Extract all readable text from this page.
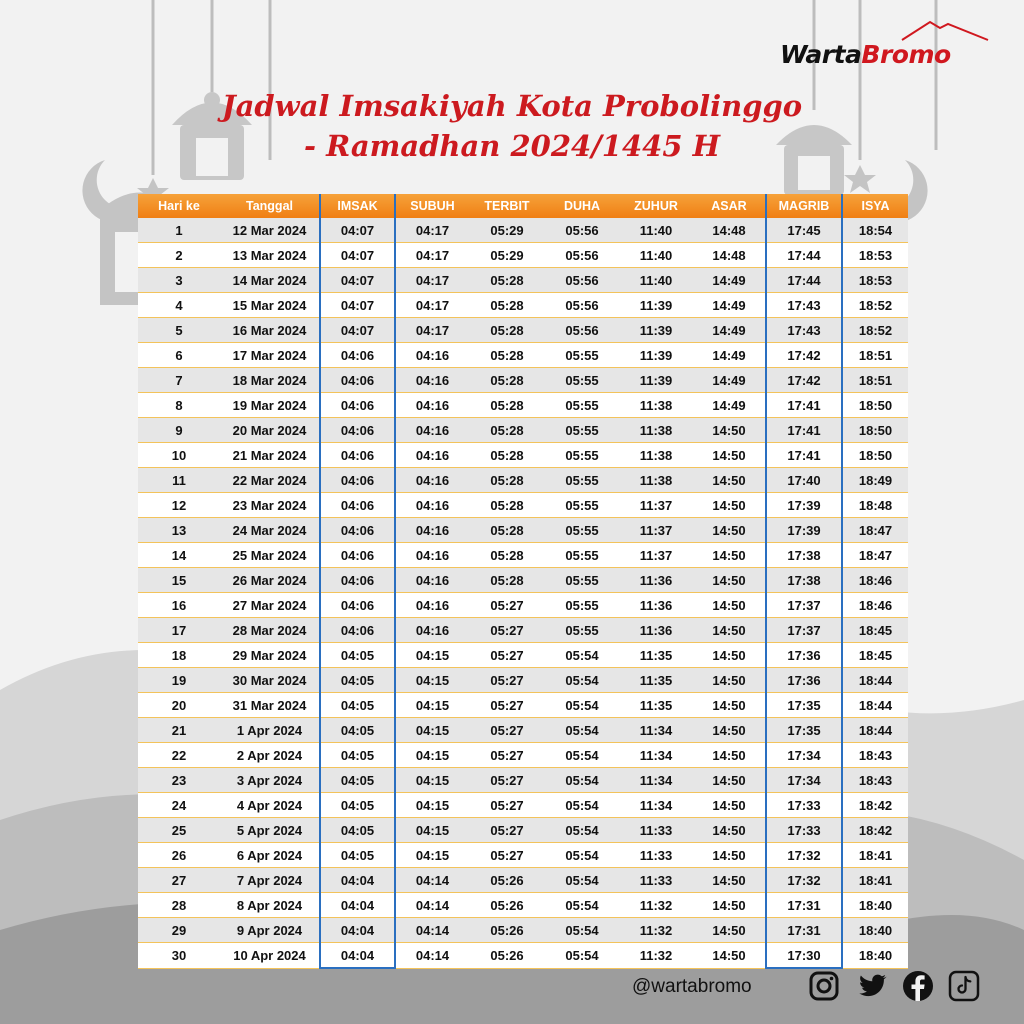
WartaBromo
Jadwal Imsakiyah Kota Probolinggo
- Ramadhan 2024/1445 H
Hari ke	Tanggal	IMSAK	SUBUH	TERBIT	DUHA	ZUHUR	ASAR	MAGRIB	ISYA
1	12 Mar 2024	04:07	04:17	05:29	05:56	11:40	14:48	17:45	18:54
2	13 Mar 2024	04:07	04:17	05:29	05:56	11:40	14:48	17:44	18:53
3	14 Mar 2024	04:07	04:17	05:28	05:56	11:40	14:49	17:44	18:53
4	15 Mar 2024	04:07	04:17	05:28	05:56	11:39	14:49	17:43	18:52
5	16 Mar 2024	04:07	04:17	05:28	05:56	11:39	14:49	17:43	18:52
6	17 Mar 2024	04:06	04:16	05:28	05:55	11:39	14:49	17:42	18:51
7	18 Mar 2024	04:06	04:16	05:28	05:55	11:39	14:49	17:42	18:51
8	19 Mar 2024	04:06	04:16	05:28	05:55	11:38	14:49	17:41	18:50
9	20 Mar 2024	04:06	04:16	05:28	05:55	11:38	14:50	17:41	18:50
10	21 Mar 2024	04:06	04:16	05:28	05:55	11:38	14:50	17:41	18:50
11	22 Mar 2024	04:06	04:16	05:28	05:55	11:38	14:50	17:40	18:49
12	23 Mar 2024	04:06	04:16	05:28	05:55	11:37	14:50	17:39	18:48
13	24 Mar 2024	04:06	04:16	05:28	05:55	11:37	14:50	17:39	18:47
14	25 Mar 2024	04:06	04:16	05:28	05:55	11:37	14:50	17:38	18:47
15	26 Mar 2024	04:06	04:16	05:28	05:55	11:36	14:50	17:38	18:46
16	27 Mar 2024	04:06	04:16	05:27	05:55	11:36	14:50	17:37	18:46
17	28 Mar 2024	04:06	04:16	05:27	05:55	11:36	14:50	17:37	18:45
18	29 Mar 2024	04:05	04:15	05:27	05:54	11:35	14:50	17:36	18:45
19	30 Mar 2024	04:05	04:15	05:27	05:54	11:35	14:50	17:36	18:44
20	31 Mar 2024	04:05	04:15	05:27	05:54	11:35	14:50	17:35	18:44
21	1 Apr 2024	04:05	04:15	05:27	05:54	11:34	14:50	17:35	18:44
22	2 Apr 2024	04:05	04:15	05:27	05:54	11:34	14:50	17:34	18:43
23	3 Apr 2024	04:05	04:15	05:27	05:54	11:34	14:50	17:34	18:43
24	4 Apr 2024	04:05	04:15	05:27	05:54	11:34	14:50	17:33	18:42
25	5 Apr 2024	04:05	04:15	05:27	05:54	11:33	14:50	17:33	18:42
26	6 Apr 2024	04:05	04:15	05:27	05:54	11:33	14:50	17:32	18:41
27	7 Apr 2024	04:04	04:14	05:26	05:54	11:33	14:50	17:32	18:41
28	8 Apr 2024	04:04	04:14	05:26	05:54	11:32	14:50	17:31	18:40
29	9 Apr 2024	04:04	04:14	05:26	05:54	11:32	14:50	17:31	18:40
30	10 Apr 2024	04:04	04:14	05:26	05:54	11:32	14:50	17:30	18:40
@wartabromo
